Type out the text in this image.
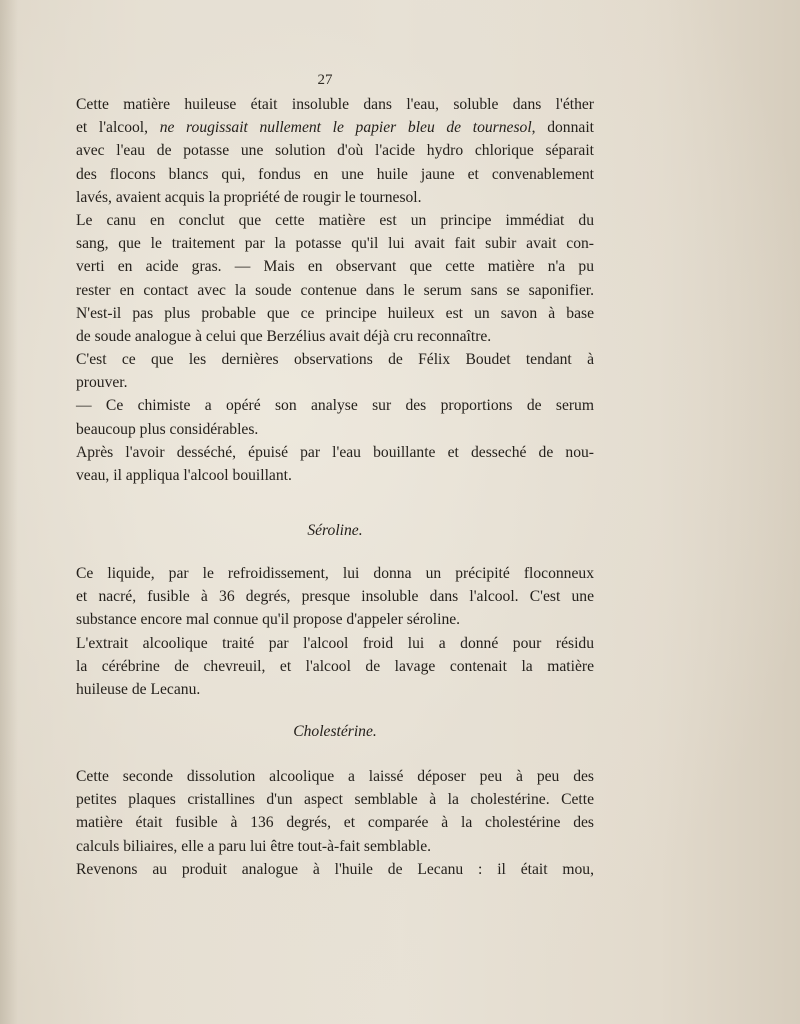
27
Cette matière huileuse était insoluble dans l'eau, soluble dans l'éther
et l'alcool, ne rougissait nullement le papier bleu de tournesol, donnait
avec l'eau de potasse une solution d'où l'acide hydro chlorique séparait
des flocons blancs qui, fondus en une huile jaune et convenablement
lavés, avaient acquis la propriété de rougir le tournesol.
Le canu en conclut que cette matière est un principe immédiat du
sang, que le traitement par la potasse qu'il lui avait fait subir avait con-
verti en acide gras. — Mais en observant que cette matière n'a pu
rester en contact avec la soude contenue dans le serum sans se saponifier.
N'est-il pas plus probable que ce principe huileux est un savon à base
de soude analogue à celui que Berzélius avait déjà cru reconnaître.
C'est ce que les dernières observations de Félix Boudet tendant à
prouver.
— Ce chimiste a opéré son analyse sur des proportions de serum
beaucoup plus considérables.
Après l'avoir desséché, épuisé par l'eau bouillante et desseché de nou-
veau, il appliqua l'alcool bouillant.
Séroline.
Ce liquide, par le refroidissement, lui donna un précipité floconneux
et nacré, fusible à 36 degrés, presque insoluble dans l'alcool. C'est une
substance encore mal connue qu'il propose d'appeler séroline.
L'extrait alcoolique traité par l'alcool froid lui a donné pour résidu
la cérébrine de chevreuil, et l'alcool de lavage contenait la matière
huileuse de Lecanu.
Cholestérine.
Cette seconde dissolution alcoolique a laissé déposer peu à peu des
petites plaques cristallines d'un aspect semblable à la cholestérine. Cette
matière était fusible à 136 degrés, et comparée à la cholestérine des
calculs biliaires, elle a paru lui être tout-à-fait semblable.
Revenons au produit analogue à l'huile de Lecanu : il était mou,
